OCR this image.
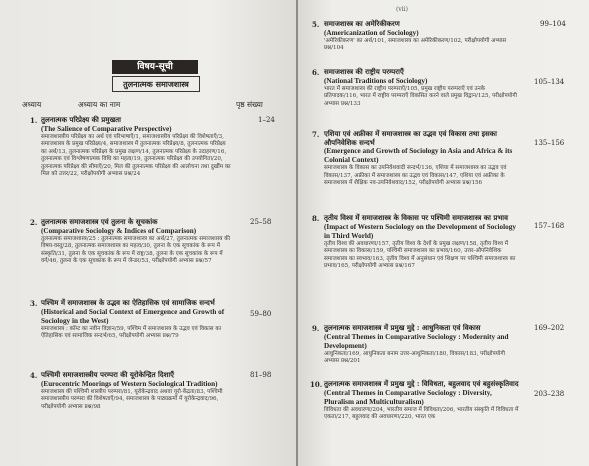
विषय-सूची
तुलनात्मक समाजशास्त्र
अध्याय	अध्याय का नाम	पृष्ठ संख्या
1. तुलनात्मक परिप्रेक्ष्य की प्रमुखता
(The Salience of Comparative Perspective)
समाजशास्त्रीय परिप्रेक्ष्य का अर्थ एवं परिभाषाएँ/1, समाजशास्त्रीय परिप्रेक्ष्य की विशेषताएँ/3, समाजशास्त्र के प्रमुख परिप्रेक्ष्य/4, समाजशास्त्र में तुलनात्मक परिप्रेक्ष्य/8, तुलनात्मक परिप्रेक्ष्य का अर्थ/13, तुलनात्मक परिप्रेक्ष्य के प्रमुख लक्षण/14, तुलनात्मक परिप्रेक्ष्य के उदाहरण/16, तुलनात्मक एवं विश्लेषणात्मक विधि का महत्व/19, तुलनात्मक परिप्रेक्ष्य की उपयोगिता/20, तुलनात्मक परिप्रेक्ष्य की सीमाएँ/20, मिल की तुलनात्मक परिप्रेक्ष्य की आलोचना तथा दुर्खीम का मिल को उत्तर/22, परीक्षोपयोगी अभ्यास प्रश्न/24
1–24
2. तुलनात्मक समाजशास्त्र एवं तुलना के सूचकांक
(Comparative Sociology & Indices of Comparison)
तुलनात्मक समाजशास्त्र/25 : तुलनात्मक समाजशास्त्र का अर्थ/27, तुलनात्मक समाजशास्त्र की विषय-वस्तु/28, तुलनात्मक समाजशास्त्र का महत्व/30, तुलना के एक सूचकांक के रूप में संस्कृति/31, तुलना के एक सूचकांक के रूप में राष्ट्र/38, तुलना के एक सूचकांक के रूप में वर्ग/46, तुलना के एक सूचकांक के रूप में जेन्डर/53, परीक्षोपयोगी अभ्यास प्रश्न/57
25–58
3. पश्चिम में समाजशास्त्र के उद्भव का ऐतिहासिक एवं सामाजिक सन्दर्भ
(Historical and Social Context of Emergence and Growth of Sociology in the West)
समाजशास्त्र : कॉम्ट का नवीन विज्ञान/59, पश्चिम में समाजशास्त्र के उद्भव एवं विकास का ऐतिहासिक एवं सामाजिक सन्दर्भ/65, परीक्षोपयोगी अभ्यास प्रश्न/79
59–80
4. पश्चिमी समाजशास्त्रीय परम्परा की यूरोकेन्द्रित दिशाएँ
(Eurocentric Moorings of Western Sociological Tradition)
समाजशास्त्र की पश्चिमी शास्त्रीय परम्परा/81, यूरोकेन्द्रवाद अथवा यूरो-केंद्रता/83, पश्चिमी समाजशास्त्रीय परम्परा की विशेषताएँ/94, समाजशास्त्र के पाठ्यक्रमों में यूरोकेन्द्रवाद/96, परीक्षोपयोगी अभ्यास प्रश्न/98
81–98
(vii)
5. समाजशास्त्र का अमेरिकीकरण
(Americanization of Sociology)
'अमेरिकीकरण' का अर्थ/101, समाजशास्त्र का अमेरिकीकरण/102, परीक्षोपयोगी अभ्यास प्रश्न/104
99–104
6. समाजशास्त्र की राष्ट्रीय परम्पराएँ
(National Traditions of Sociology)
भारत में समाजशास्त्र की राष्ट्रीय परम्पराएँ/105, प्रमुख राष्ट्रीय परम्पराएँ एवं उनके प्रतिपादक/116, भारत में राष्ट्रीय परम्पराएँ विकसित करने वाले प्रमुख विद्वान/125, परीक्षोपयोगी अभ्यास प्रश्न/133
105–134
7. एशिया एवं अफ्रीका में समाजशास्त्र का उद्भव एवं विकास तथा इसका औपनिवेशिक सन्दर्भ
(Emergence and Growth of Sociology in Asia and Africa & its Colonial Context)
समाजशास्त्र के विकास का उपनिवेशवादी सन्दर्भ/136, एशिया में समाजशास्त्र का उद्भव एवं विकास/137, अफ्रीका में समाजशास्त्र का उद्भव एवं विकास/147, एशिया एवं अफ्रीका के समाजशास्त्र में शैक्षिक नव-उपनिवेशवाद/152, परीक्षोपयोगी अभ्यास प्रश्न/156
135–156
8. तृतीय विश्व में समाजशास्त्र के विकास पर पश्चिमी समाजशास्त्र का प्रभाव
(Impact of Western Sociology on the Development of Sociology in Third World)
तृतीय विश्व की अवधारणा/157, तृतीय विश्व के देशों के प्रमुख लक्षण/158, तृतीय विश्व में समाजशास्त्र का विकास/159, पश्चिमी समाजशास्त्र का प्रभाव/160, उत्तर-औपनिवेशिक समाजशास्त्र का स्वभाव/163, तृतीय विश्व में अनुसंधान एवं शिक्षण पर पश्चिमी समाजशास्त्र का प्रभाव/165, परीक्षोपयोगी अभ्यास प्रश्न/167
157–168
9. तुलनात्मक समाजशास्त्र में प्रमुख मुद्दे : आधुनिकता एवं विकास
(Central Themes in Comparative Sociology : Modernity and Development)
आधुनिकता/169, आधुनिकता बनाम उत्तर-आधुनिकता/180, विकास/183, परीक्षोपयोगी अभ्यास प्रश्न/201
169–202
10. तुलनात्मक समाजशास्त्र में प्रमुख मुद्दे : विविधता, बहुलवाद एवं बहुसंस्कृतिवाद
(Central Themes in Comparative Sociology : Diversity, Pluralism and Multiculturalism)
विविधता की अवधारणा/204, भारतीय समाज में विविधता/206, भारतीय संस्कृति में विविधता में एकता/217, बहुलवाद की अवधारणा/220, भारत एक
203–238
